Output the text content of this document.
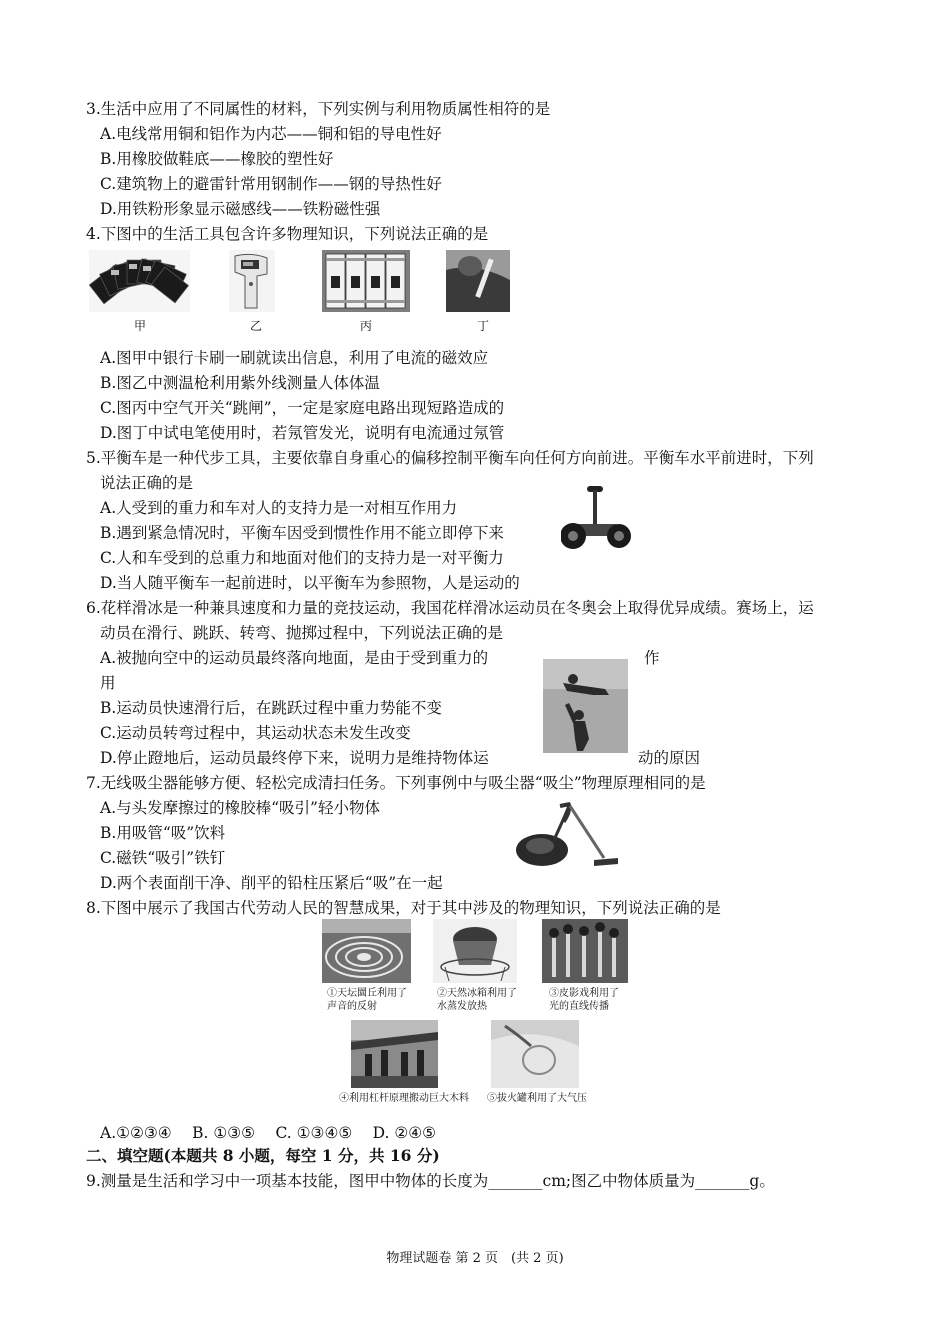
3.生活中应用了不同属性的材料，下列实例与利用物质属性相符的是
A.电线常用铜和铝作为内芯——铜和铝的导电性好
B.用橡胶做鞋底——橡胶的塑性好
C.建筑物上的避雷针常用钢制作——钢的导热性好
D.用铁粉形象显示磁感线——铁粉磁性强
4.下图中的生活工具包含许多物理知识，下列说法正确的是
甲	乙	丙	丁
A.图甲中银行卡刷一刷就读出信息，利用了电流的磁效应
B.图乙中测温枪利用紫外线测量人体体温
C.图丙中空气开关“跳闸”，一定是家庭电路出现短路造成的
D.图丁中试电笔使用时，若氖管发光，说明有电流通过氖管
5.平衡车是一种代步工具，主要依靠自身重心的偏移控制平衡车向任何方向前进。平衡车水平前进时，下列
说法正确的是
A.人受到的重力和车对人的支持力是一对相互作用力
B.遇到紧急情况时，平衡车因受到惯性作用不能立即停下来
C.人和车受到的总重力和地面对他们的支持力是一对平衡力
D.当人随平衡车一起前进时，以平衡车为参照物，人是运动的
6.花样滑冰是一种兼具速度和力量的竞技运动，我国花样滑冰运动员在冬奥会上取得优异成绩。赛场上，运
动员在滑行、跳跃、转弯、抛掷过程中，下列说法正确的是
A.被抛向空中的运动员最终落向地面，是由于受到重力的	作
用
B.运动员快速滑行后，在跳跃过程中重力势能不变
C.运动员转弯过程中，其运动状态未发生改变
D.停止蹬地后，运动员最终停下来，说明力是维持物体运	动的原因
7.无线吸尘器能够方便、轻松完成清扫任务。下列事例中与吸尘器“吸尘”物理原理相同的是
A.与头发摩擦过的橡胶棒“吸引”轻小物体
B.用吸管“吸”饮料
C.磁铁“吸引”铁钉
D.两个表面削干净、削平的铅柱压紧后“吸”在一起
8.下图中展示了我国古代劳动人民的智慧成果，对于其中涉及的物理知识，下列说法正确的是
①天坛圜丘利用了
声音的反射
②天然冰箱利用了
水蒸发放热
③皮影戏利用了
光的直线传播
④利用杠杆原理搬动巨大木料 ⑤拔火罐利用了大气压
A.①②③④　 B. ①③⑤　 C. ①③④⑤　 D. ②④⑤
二、填空题(本题共 8 小题，每空 1 分，共 16 分)
9.测量是生活和学习中一项基本技能，图甲中物体的长度为_______cm;图乙中物体质量为_______g。
物理试题卷 第 2 页　(共 2 页)
